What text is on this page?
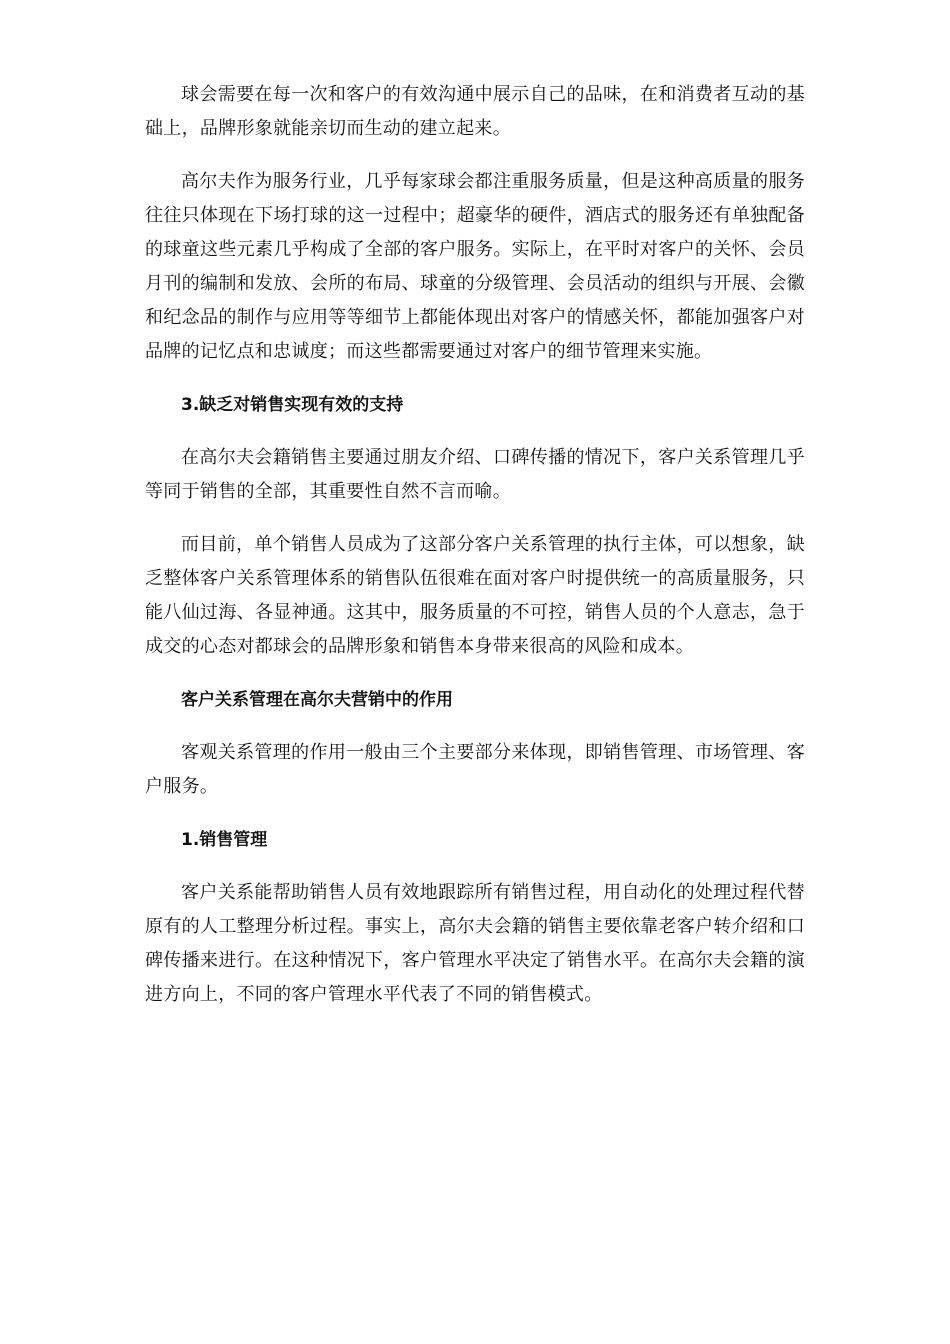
球会需要在每一次和客户的有效沟通中展示自己的品味，在和消费者互动的基础上，品牌形象就能亲切而生动的建立起来。

高尔夫作为服务行业，几乎每家球会都注重服务质量，但是这种高质量的服务往往只体现在下场打球的这一过程中；超豪华的硬件，酒店式的服务还有单独配备的球童这些元素几乎构成了全部的客户服务。实际上，在平时对客户的关怀、会员月刊的编制和发放、会所的布局、球童的分级管理、会员活动的组织与开展、会徽和纪念品的制作与应用等等细节上都能体现出对客户的情感关怀，都能加强客户对品牌的记忆点和忠诚度；而这些都需要通过对客户的细节管理来实施。

3.缺乏对销售实现有效的支持

在高尔夫会籍销售主要通过朋友介绍、口碑传播的情况下，客户关系管理几乎等同于销售的全部，其重要性自然不言而喻。

而目前，单个销售人员成为了这部分客户关系管理的执行主体，可以想象，缺乏整体客户关系管理体系的销售队伍很难在面对客户时提供统一的高质量服务，只能八仙过海、各显神通。这其中，服务质量的不可控，销售人员的个人意志，急于成交的心态对都球会的品牌形象和销售本身带来很高的风险和成本。

客户关系管理在高尔夫营销中的作用

客观关系管理的作用一般由三个主要部分来体现，即销售管理、市场管理、客户服务。

1.销售管理

客户关系能帮助销售人员有效地跟踪所有销售过程，用自动化的处理过程代替原有的人工整理分析过程。事实上，高尔夫会籍的销售主要依靠老客户转介绍和口碑传播来进行。在这种情况下，客户管理水平决定了销售水平。在高尔夫会籍的演进方向上，不同的客户管理水平代表了不同的销售模式。
